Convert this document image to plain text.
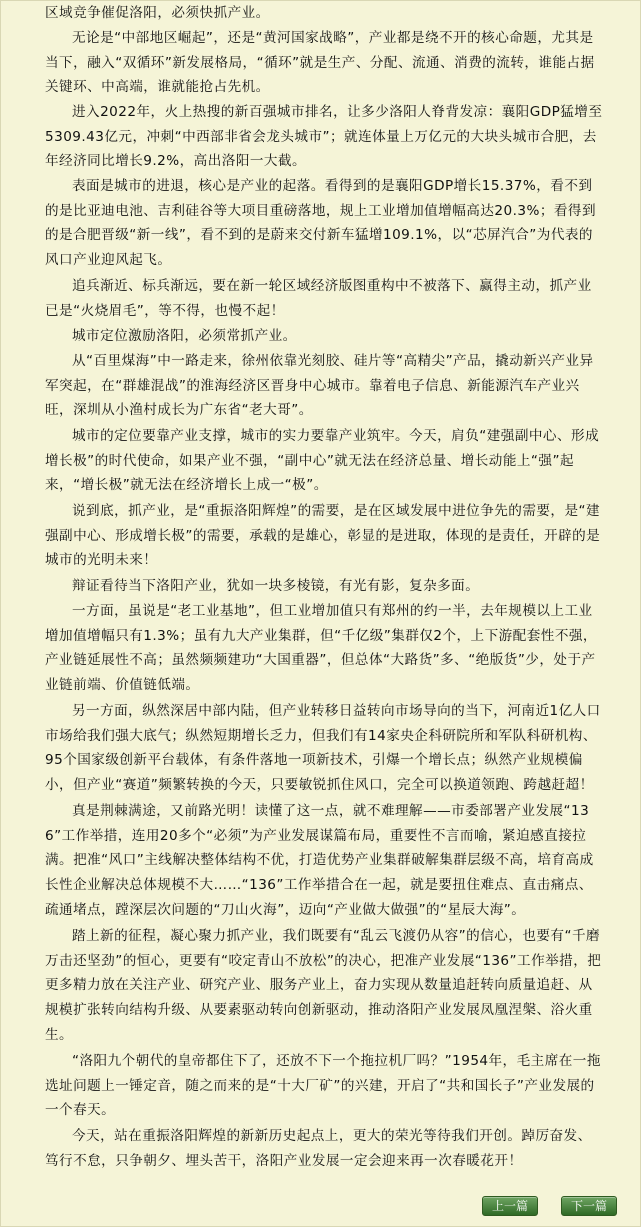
区域竞争催促洛阳，必须快抓产业。

无论是“中部地区崛起”，还是“黄河国家战略”，产业都是绕不开的核心命题，尤其是当下，融入“双循环”新发展格局，“循环”就是生产、分配、流通、消费的流转，谁能占据关键环、中高端，谁就能抢占先机。

进入2022年，火上热搜的新百强城市排名，让多少洛阳人脊背发凉：襄阳GDP猛增至5309.43亿元，冲刺“中西部非省会龙头城市”；就连体量上万亿元的大块头城市合肥，去年经济同比增长9.2%，高出洛阳一大截。

表面是城市的进退，核心是产业的起落。看得到的是襄阳GDP增长15.37%，看不到的是比亚迪电池、吉利硅谷等大项目重磅落地，规上工业增加值增幅高达20.3%；看得到的是合肥晋级“新一线”，看不到的是蔚来交付新车猛增109.1%，以“芯屏汽合”为代表的风口产业迎风起飞。

追兵渐近、标兵渐远，要在新一轮区域经济版图重构中不被落下、赢得主动，抓产业已是“火烧眉毛”，等不得，也慢不起！

城市定位激励洛阳，必须常抓产业。

从“百里煤海”中一路走来，徐州依靠光刻胶、硅片等“高精尖”产品，撬动新兴产业异军突起，在“群雄混战”的淮海经济区晋身中心城市。靠着电子信息、新能源汽车产业兴旺，深圳从小渔村成长为广东省“老大哥”。

城市的定位要靠产业支撑，城市的实力要靠产业筑牢。今天，肩负“建强副中心、形成增长极”的时代使命，如果产业不强，“副中心”就无法在经济总量、增长动能上“强”起来，“增长极”就无法在经济增长上成一“极”。

说到底，抓产业，是“重振洛阳辉煌”的需要，是在区域发展中进位争先的需要，是“建强副中心、形成增长极”的需要，承载的是雄心，彰显的是进取，体现的是责任，开辟的是城市的光明未来！

辩证看待当下洛阳产业，犹如一块多棱镜，有光有影，复杂多面。

一方面，虽说是“老工业基地”，但工业增加值只有郑州的约一半，去年规模以上工业增加值增幅只有1.3%；虽有九大产业集群，但“千亿级”集群仅2个，上下游配套性不强，产业链延展性不高；虽然频频建功“大国重器”，但总体“大路货”多、“绝版货”少，处于产业链前端、价值链低端。

另一方面，纵然深居中部内陆，但产业转移日益转向市场导向的当下，河南近1亿人口市场给我们强大底气；纵然短期增长乏力，但我们有14家央企科研院所和军队科研机构、95个国家级创新平台载体，有条件落地一项新技术，引爆一个增长点；纵然产业规模偏小，但产业“赛道”频繁转换的今天，只要敏锐抓住风口，完全可以换道领跑、跨越赶超！

真是荆棘满途，又前路光明！读懂了这一点，就不难理解——市委部署产业发展“136”工作举措，连用20多个“必须”为产业发展谋篇布局，重要性不言而喻，紧迫感直接拉满。把准“风口”主线解决整体结构不优，打造优势产业集群破解集群层级不高，培育高成长性企业解决总体规模不大……“136”工作举措合在一起，就是要扭住难点、直击痛点、疏通堵点，蹚深层次问题的“刀山火海”，迈向“产业做大做强”的“星辰大海”。

踏上新的征程，凝心聚力抓产业，我们既要有“乱云飞渡仍从容”的信心，也要有“千磨万击还坚劲”的恒心，更要有“咬定青山不放松”的决心，把准产业发展“136”工作举措，把更多精力放在关注产业、研究产业、服务产业上，奋力实现从数量追赶转向质量追赶、从规模扩张转向结构升级、从要素驱动转向创新驱动，推动洛阳产业发展凤凰涅槃、浴火重生。

“洛阳九个朝代的皇帝都住下了，还放不下一个拖拉机厂吗？”1954年，毛主席在一拖选址问题上一锤定音，随之而来的是“十大厂矿”的兴建，开启了“共和国长子”产业发展的一个春天。

今天，站在重振洛阳辉煌的新新历史起点上，更大的荣光等待我们开创。踔厉奋发、笃行不怠，只争朝夕、埋头苦干，洛阳产业发展一定会迎来再一次春暖花开！

上一篇	下一篇
